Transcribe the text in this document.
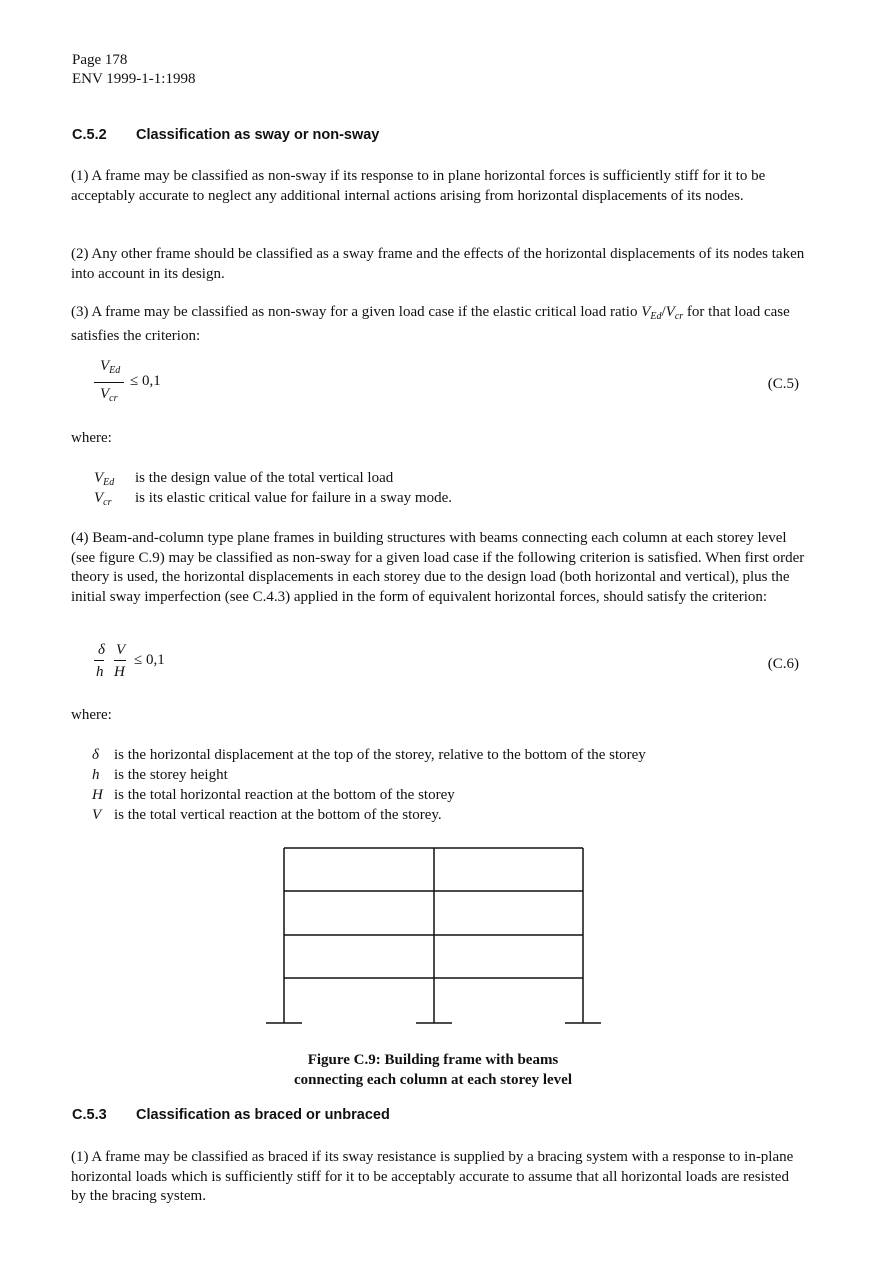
Page 178
ENV 1999-1-1:1998
C.5.2 Classification as sway or non-sway
(1) A frame may be classified as non-sway if its response to in plane horizontal forces is sufficiently stiff for it to be acceptably accurate to neglect any additional internal actions arising from horizontal displacements of its nodes.
(2) Any other frame should be classified as a sway frame and the effects of the horizontal displacements of its nodes taken into account in its design.
(3) A frame may be classified as non-sway for a given load case if the elastic critical load ratio $V_{Ed}/V_{cr}$ for that load case satisfies the criterion:
$V_{Ed}$
$V_{cr}$
≤ 0,1	(C.5)
where:
$V_{Ed}$ is the design value of the total vertical load
$V_{cr}$ is its elastic critical value for failure in a sway mode.
(4) Beam-and-column type plane frames in building structures with beams connecting each column at each storey level (see figure C.9) may be classified as non-sway for a given load case if the following criterion is satisfied. When first order theory is used, the horizontal displacements in each storey due to the design load (both horizontal and vertical), plus the initial sway imperfection (see C.4.3) applied in the form of equivalent horizontal forces, should satisfy the criterion:
δ V
h H
≤ 0,1	(C.6)
where:
δ is the horizontal displacement at the top of the storey, relative to the bottom of the storey
h is the storey height
H is the total horizontal reaction at the bottom of the storey
V is the total vertical reaction at the bottom of the storey.
Figure C.9: Building frame with beams
connecting each column at each storey level
C.5.3 Classification as braced or unbraced
(1) A frame may be classified as braced if its sway resistance is supplied by a bracing system with a response to in-plane horizontal loads which is sufficiently stiff for it to be acceptably accurate to assume that all horizontal loads are resisted by the bracing system.
